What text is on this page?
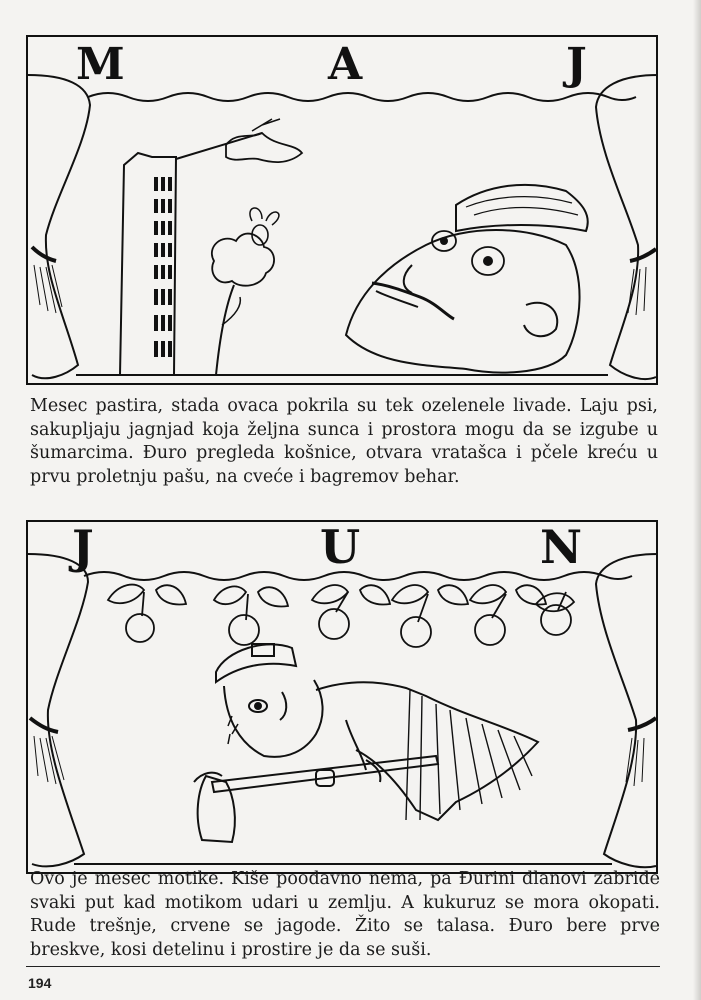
M	A	J
Mesec pastira, stada ovaca pokrila su tek ozelenele livade. Laju psi, sakupljaju jagnjad koja željna sunca i prostora mogu da se izgube u šumarcima. Đuro pregleda košnice, otvara vratašca i pčele kreću u prvu proletnju pašu, na cveće i bagremov behar.
J	U	N
Ovo je mesec motike. Kiše poodavno nema, pa Đurini dlanovi zabride svaki put kad motikom udari u zemlju. A kukuruz se mora okopati. Rude trešnje, crvene se jagode. Žito se talasa. Đuro bere prve breskve, kosi detelinu i prostire je da se suši.
194
